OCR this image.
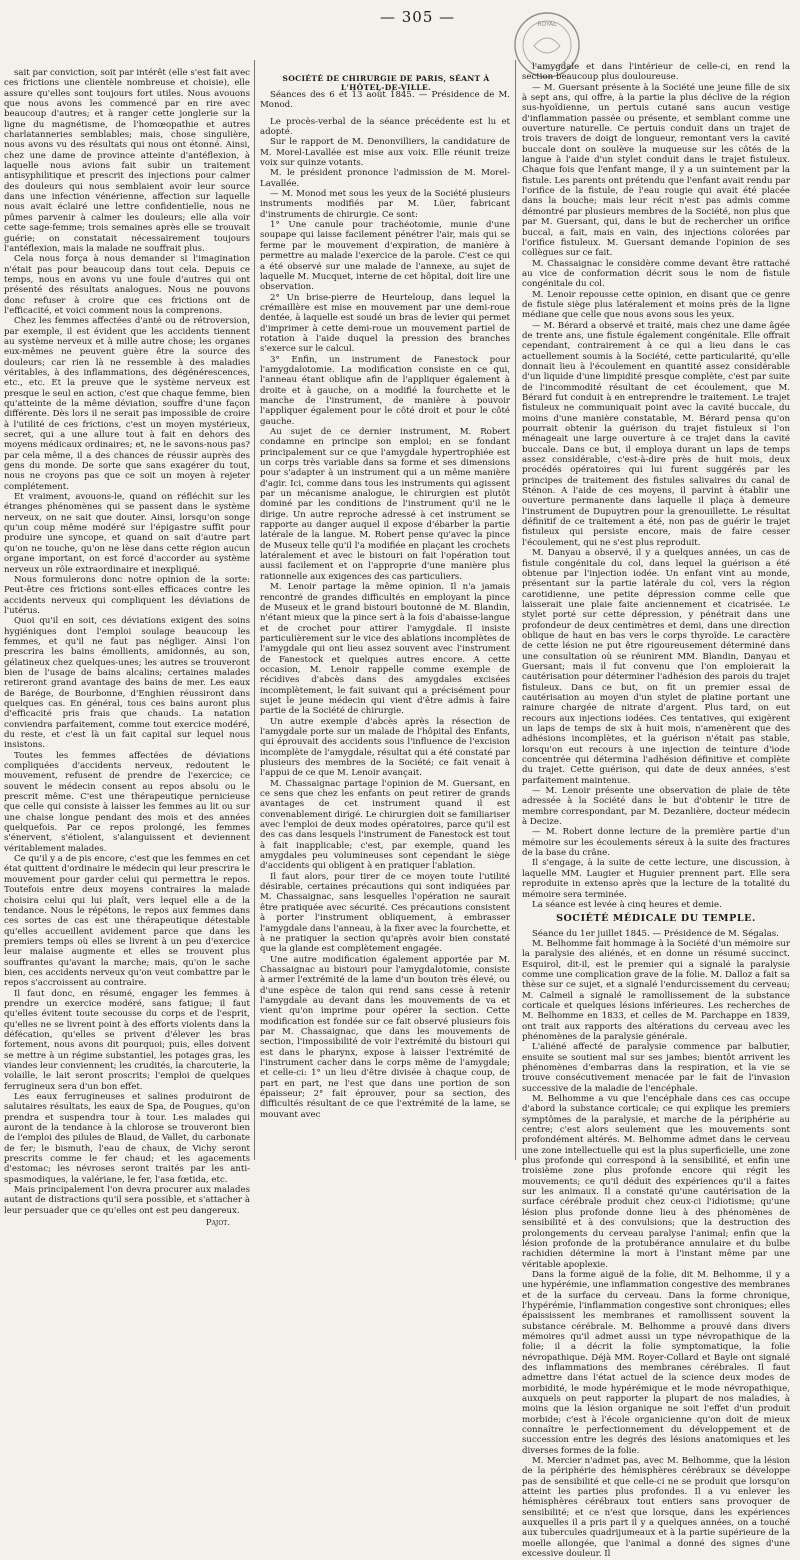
— 305 —	ROYAL

sait par conviction, soit par intérêt (elle s'est fait avec ces frictions une clientèle nombreuse et choisie), elle assure qu'elles sont toujours fort utiles. Nous avouons que nous avons les commencé par en rire avec beaucoup d'autres; et à ranger cette jonglerie sur la ligne du magnétisme, de l'homœopathie et autres charlatanneries semblables; mais, chose singulière, nous avons vu des résultats qui nous ont étonné. Ainsi, chez une dame de province atteinte d'antéflexion, à laquelle nous avions fait subir un traitement antisyphilitique et prescrit des injections pour calmer des douleurs qui nous semblaient avoir leur source dans une infection vénérienne, affection sur laquelle nous avait éclairé une lettre confidentielle, nous ne pûmes parvenir à calmer les douleurs; elle alla voir cette sage-femme; trois semaines après elle se trouvait guérie; on constatait nécessairement toujours l'antéflexion, mais la malade ne souffrait plus.

Cela nous força à nous demander si l'imagination n'était pas pour beaucoup dans tout cela. Depuis ce temps, nous en avons vu une foule d'autres qui ont présenté des résultats analogues. Nous ne pouvons donc refuser à croire que ces frictions ont de l'efficacité, et voici comment nous la comprenons.

Chez les femmes affectées d'anté ou de rétroversion, par exemple, il est évident que les accidents tiennent au système nerveux et à mille autre chose; les organes eux-mêmes ne peuvent guère être la source des douleurs; car rien là ne ressemble à des maladies véritables, à des inflammations, des dégénérescences, etc., etc. Et la preuve que le système nerveux est presque le seul en action, c'est que chaque femme, bien qu'atteinte de la même déviation, souffre d'une façon différente. Dès lors il ne serait pas impossible de croire à l'utilité de ces frictions, c'est un moyen mystérieux, secret, qui a une allure tout à fait en dehors des moyens médicaux ordinaires; et, ne le savons-nous pas? par cela même, il a des chances de réussir auprès des gens du monde. De sorte que sans exagérer du tout, nous ne croyons pas que ce soit un moyen à rejeter complétement.

Et vraiment, avouons-le, quand on réfléchit sur les étranges phénomènes qui se passent dans le système nerveux, on ne sait que douter. Ainsi, lorsqu'on songe qu'un coup même modéré sur l'épigastre suffit pour produire une syncope, et quand on sait d'autre part qu'on ne touche, qu'on ne lèse dans cette région aucun organe important, on est forcé d'accorder au système nerveux un rôle extraordinaire et inexpliqué.

Nous formulerons donc notre opinion de la sorte: Peut-être ces frictions sont-elles efficaces contre les accidents nerveux qui compliquent les déviations de l'utérus.

Quoi qu'il en soit, ces déviations exigent des soins hygiéniques dont l'emploi soulage beaucoup les femmes, et qu'il ne faut pas négliger. Ainsi l'on prescrira les bains émollients, amidonnés, au son, gélatineux chez quelques-unes; les autres se trouveront bien de l'usage de bains alcalins; certaines malades retireront grand avantage des bains de mer. Les eaux de Barége, de Bourbonne, d'Enghien réussiront dans quelques cas. En général, tous ces bains auront plus d'efficacité pris frais que chauds. La natation conviendra parfaitement, comme tout exercice modéré, du reste, et c'est là un fait capital sur lequel nous insistons.

Toutes les femmes affectées de déviations compliquées d'accidents nerveux, redoutent le mouvement, refusent de prendre de l'exercice; ce souvent le médecin consent au repos absolu ou le prescrit même. C'est une thérapeutique pernicieuse que celle qui consiste à laisser les femmes au lit ou sur une chaise longue pendant des mois et des années quelquefois. Par ce repos prolongé, les femmes s'énervent, s'étiolent, s'alanguissent et deviennent véritablement malades.

Ce qu'il y a de pis encore, c'est que les femmes en cet état quittent d'ordinaire le médecin qui leur prescrira le mouvement pour garder celui qui permettra le repos. Toutefois entre deux moyens contraires la malade choisira celui qui lui plaît, vers lequel elle a de la tendance. Nous le répétons, le repos aux femmes dans ces sortes de cas est une thérapeutique détestable qu'elles accueillent avidement parce que dans les premiers temps où elles se livrent à un peu d'exercice leur malaise augmente et elles se trouvent plus souffrantes qu'avant la marche; mais, qu'on le sache bien, ces accidents nerveux qu'on veut combattre par le repos s'accroissent au contraire.

Il faut donc, en résumé, engager les femmes à prendre un exercice modéré, sans fatigue; il faut qu'elles évitent toute secousse du corps et de l'esprit, qu'elles ne se livrent point à des efforts violents dans la défécation, qu'elles se privent d'élever les bras fortement, nous avons dit pourquoi; puis, elles doivent se mettre à un régime substantiel, les potages gras, les viandes leur conviennent; les crudités, la charcuterie, la volaille, le lait seront proscrits; l'emploi de quelques ferrugineux sera d'un bon effet.

Les eaux ferrugineuses et salines produiront de salutaires résultats, les eaux de Spa, de Pougues, qu'on prendra et suspendra tour à tour. Les malades qui auront de la tendance à la chlorose se trouveront bien de l'emploi des pilules de Blaud, de Vallet, du carbonate de fer; le bismuth, l'eau de chaux, de Vichy seront prescrits comme le fer chaud; et les agacements d'estomac; les névroses seront traités par les anti-spasmodiques, la valériane, le fer, l'asa fœtida, etc.

Mais principalement l'on devra procurer aux malades autant de distractions qu'il sera possible, et s'attacher à leur persuader que ce qu'elles ont est peu dangereux.

Pajot.

SOCIÉTÉ DE CHIRURGIE DE PARIS, SÉANT À L'HÔTEL-DE-VILLE.

Séances des 6 et 13 août 1845. — Présidence de M. Monod.

Le procès-verbal de la séance précédente est lu et adopté.

Sur le rapport de M. Denonvilliers, la candidature de M. Morel-Lavallée est mise aux voix. Elle réunit treize voix sur quinze votants.

M. le président prononce l'admission de M. Morel-Lavallée.

— M. Monod met sous les yeux de la Société plusieurs instruments modifiés par M. Lüer, fabricant d'instruments de chirurgie. Ce sont:

1° Une canule pour trachéotomie, munie d'une soupape qui laisse facilement pénétrer l'air, mais qui se ferme par le mouvement d'expiration, de manière à permettre au malade l'exercice de la parole. C'est ce qui a été observé sur une malade de l'annexe, au sujet de laquelle M. Mucquet, interne de cet hôpital, doit lire une observation.

2° Un brise-pierre de Heurteloup, dans lequel la crémaillère est mise en mouvement par une demi-roue dentée, à laquelle est soudé un bras de levier qui permet d'imprimer à cette demi-roue un mouvement partiel de rotation à l'aide duquel la pression des branches s'exerce sur le calcul.

3° Enfin, un instrument de Fanestock pour l'amygdalotomie. La modification consiste en ce qui, l'anneau étant oblique afin de l'appliquer également à droite et à gauche, on a modifié la fourchette et le manche de l'instrument, de manière à pouvoir l'appliquer également pour le côté droit et pour le côté gauche.

Au sujet de ce dernier instrument, M. Robert condamne en principe son emploi; en se fondant principalement sur ce que l'amygdale hypertrophiée est un corps très variable dans sa forme et ses dimensions pour s'adapter à un instrument qui a un même manière d'agir. Ici, comme dans tous les instruments qui agissent par un mécanisme analogue, le chirurgien est plutôt dominé par les conditions de l'instrument qu'il ne le dirige. Un autre reproche adressé à cet instrument se rapporte au danger auquel il expose d'ébarber la partie latérale de la langue. M. Robert pense qu'avec la pince de Museux telle qu'il l'a modifiée en plaçant les crochets latéralement et avec le bistouri on fait l'opération tout aussi facilement et on l'approprie d'une manière plus rationnelle aux exigences des cas particuliers.

M. Lenoir partage la même opinion. Il n'a jamais rencontré de grandes difficultés en employant la pince de Museux et le grand bistouri boutonné de M. Blandin, n'étant mieux que la pince sert à la fois d'abaisse-langue et de crochet pour attirer l'amygdale. Il insiste particulièrement sur le vice des ablations incomplètes de l'amygdale qui ont lieu assez souvent avec l'instrument de Fanestock et quelques autres encore. A cette occasion, M. Lenoir rappelle comme exemple de récidives d'abcès dans des amygdales excisées incomplètement, le fait suivant qui a précisément pour sujet le jeune médecin qui vient d'être admis à faire partie de la Société de chirurgie.

Un autre exemple d'abcès après la résection de l'amygdale porte sur un malade de l'hôpital des Enfants, qui éprouvait des accidents sous l'influence de l'excision incomplète de l'amygdale, résultat qui a été constaté par plusieurs des membres de la Société; ce fait venait à l'appui de ce que M. Lenoir avançait.

M. Chassaignac partage l'opinion de M. Guersant, en ce sens que chez les enfants on peut retirer de grands avantages de cet instrument quand il est convenablement dirigé. Le chirurgien doit se familiariser avec l'emploi de deux modes opératoires, parce qu'il est des cas dans lesquels l'instrument de Fanestock est tout à fait inapplicable; c'est, par exemple, quand les amygdales peu volumineuses sont cependant le siège d'accidents qui obligent à en pratiquer l'ablation.

Il faut alors, pour tirer de ce moyen toute l'utilité désirable, certaines précautions qui sont indiquées par M. Chassaignac, sans lesquelles l'opération ne saurait être pratiquée avec sécurité. Ces précautions consistent à porter l'instrument obliquement, à embrasser l'amygdale dans l'anneau, à la fixer avec la fourchette, et à ne pratiquer la section qu'après avoir bien constaté que la glande est complètement engagée.

Une autre modification également apportée par M. Chassaignac au bistouri pour l'amygdalotomie, consiste à armer l'extrémité de la lame d'un bouton très élevé, ou d'une espèce de talon qui rend sans cesse à retenir l'amygdale au devant dans les mouvements de va et vient qu'on imprime pour opérer la section. Cette modification est fondée sur ce fait observé plusieurs fois par M. Chassaignac, que dans les mouvements de section, l'impossibilité de voir l'extrémité du bistouri qui est dans le pharynx, expose à laisser l'extrémité de l'instrument cacher dans le corps même de l'amygdale; et celle-ci: 1° un lieu d'être divisée à chaque coup, de part en part, ne l'est que dans une portion de son épaisseur; 2° fait éprouver, pour sa section, des difficultés résultant de ce que l'extrémité de la lame, se mouvant avec

l'amygdale et dans l'intérieur de celle-ci, en rend la section beaucoup plus douloureuse.

— M. Guersant présente à la Société une jeune fille de six à sept ans, qui offre, à la partie la plus déclive de la région sus-hyoïdienne, un pertuis cutané sans aucun vestige d'inflammation passée ou présente, et semblant comme une ouverture naturelle. Ce pertuis conduit dans un trajet de trois travers de doigt de longueur, remontant vers la cavité buccale dont on soulève la muqueuse sur les côtés de la langue à l'aide d'un stylet conduit dans le trajet fistuleux. Chaque fois que l'enfant mange, il y a un suintement par la fistule. Les parents ont prétendu que l'enfant avait rendu par l'orifice de la fistule, de l'eau rougie qui avait été placée dans la bouche; mais leur récit n'est pas admis comme démontré par plusieurs membres de la Société, non plus que par M. Guersant, qui, dans le but de rechercher un orifice buccal, a fait, mais en vain, des injections colorées par l'orifice fistuleux. M. Guersant demande l'opinion de ses collègues sur ce fait.

M. Chassaignac le considère comme devant être rattaché au vice de conformation décrit sous le nom de fistule congénitale du col.

M. Lenoir repousse cette opinion, en disant que ce genre de fistule siège plus latéralement et moins près de la ligne médiane que celle que nous avons sous les yeux.

— M. Bérard a observé et traité, mais chez une dame âgée de trente ans, une fistule également congénitale. Elle offrait cependant, contrairement à ce qui a lieu dans le cas actuellement soumis à la Société, cette particularité, qu'elle donnait lieu à l'écoulement en quantité assez considérable d'un liquide d'une limpidité presque complète, c'est par suite de l'incommodité résultant de cet écoulement, que M. Bérard fut conduit à en entreprendre le traitement. Le trajet fistuleux ne communiquait point avec la cavité buccale, du moins d'une manière constatable, M. Bérard pensa qu'on pourrait obtenir la guérison du trajet fistuleux si l'on ménageait une large ouverture à ce trajet dans la cavité buccale. Dans ce but, il employa durant un laps de temps assez considérable, c'est-à-dire près de huit mois, deux procédés opératoires qui lui furent suggérés par les principes de traitement des fistules salivaires du canal de Sténon. A l'aide de ces moyens, il parvint à établir une ouverture permanente dans laquelle il plaça à demeure l'instrument de Dupuytren pour la grenouillette. Le résultat définitif de ce traitement a été, non pas de guérir le trajet fistuleux qui persiste encore, mais de faire cesser l'écoulement, qui ne s'est plus reproduit.

M. Danyau a observé, il y a quelques années, un cas de fistule congénitale du col, dans lequel la guérison a été obtenue par l'injection iodée. Un enfant vint au monde, présentant sur la partie latérale du col, vers la région carotidienne, une petite dépression comme celle que laisserait une plaie faite anciennement et cicatrisée. Le stylet porté sur cette dépression, y pénétrait dans une profondeur de deux centimètres et demi, dans une direction oblique de haut en bas vers le corps thyroïde. Le caractère de cette lésion ne put être rigoureusement déterminé dans une consultation où se réunirent MM. Blandin, Danyau et Guersant; mais il fut convenu que l'on emploierait la cautérisation pour déterminer l'adhésion des parois du trajet fistuleux. Dans ce but, on fit un premier essai de cautérisation au moyen d'un stylet de platine portant une rainure chargée de nitrate d'argent. Plus tard, on eut recours aux injections iodées. Ces tentatives, qui exigèrent un laps de temps de six à huit mois, n'amenèrent que des adhésions incomplètes, et la guérison n'était pas stable, lorsqu'on eut recours à une injection de teinture d'iode concentrée qui détermina l'adhésion définitive et complète du trajet. Cette guérison, qui date de deux années, s'est parfaitement maintenue.

— M. Lenoir présente une observation de plaie de tête adressée à la Société dans le but d'obtenir le titre de membre correspondant, par M. Dezanlière, docteur médecin à Decize.

— M. Robert donne lecture de la première partie d'un mémoire sur les écoulements séreux à la suite des fractures de la base du crâne.

Il s'engage, à la suite de cette lecture, une discussion, à laquelle MM. Laugier et Huguier prennent part. Elle sera reproduite in extenso après que la lecture de la totalité du mémoire sera terminée.

La séance est levée à cinq heures et demie.

SOCIÉTÉ MÉDICALE DU TEMPLE.

Séance du 1er juillet 1845. — Présidence de M. Ségalas.

M. Belhomme fait hommage à la Société d'un mémoire sur la paralysie des aliénés, et en donne un résumé succinct. Esquirol, dit-il, est le premier qui a signalé la paralysie comme une complication grave de la folie. M. Dalloz a fait sa thèse sur ce sujet, et a signalé l'endurcissement du cerveau; M. Calmeil a signalé le ramollissement de la substance corticale et quelques lésions inférieures. Les recherches de M. Belhomme en 1833, et celles de M. Parchappe en 1839, ont trait aux rapports des altérations du cerveau avec les phénomènes de la paralysie générale.

L'aliéné affecté de paralysie commence par balbutier, ensuite se soutient mal sur ses jambes; bientôt arrivent les phénomènes d'embarras dans la respiration, et la vie se trouve consécutivement menacée par le fait de l'invasion successive de la maladie de l'encéphale.

M. Belhomme a vu que l'encéphale dans ces cas occupe d'abord la substance corticale; ce qui explique les premiers symptômes de la paralysie, et marche de la périphérie au centre; c'est alors seulement que les mouvements sont profondément altérés. M. Belhomme admet dans le cerveau une zone intellectuelle qui est la plus superficielle, une zone plus profonde qui correspond à la sensibilité, et enfin une troisième zone plus profonde encore qui régit les mouvements; ce qu'il déduit des expériences qu'il a faites sur les animaux. Il a constaté qu'une cautérisation de la surface cérébrale produit chez ceux-ci l'idiotisme; qu'une lésion plus profonde donne lieu à des phénomènes de sensibilité et à des convulsions; que la destruction des prolongements du cerveau paralyse l'animal; enfin que la lésion profonde de la protubérance annulaire et du bulbe rachidien détermine la mort à l'instant même par une véritable apoplexie.

Dans la forme aiguë de la folie, dit M. Belhomme, il y a une hypérémie, une inflammation congestive des membranes et de la surface du cerveau. Dans la forme chronique, l'hypérémie, l'inflammation congestive sont chroniques; elles épaississent les membranes et ramollissent souvent la substance cérébrale. M. Belhomme a prouvé dans divers mémoires qu'il admet aussi un type névropathique de la folie; il a décrit la folie symptomatique, la folie névropathique. Déjà MM. Royer-Collard et Bayle ont signalé des inflammations des membranes cérébrales. Il faut admettre dans l'état actuel de la science deux modes de morbidité, le mode hypérémique et le mode névropathique, auxquels on peut rapporter la plupart de nos maladies, à moins que la lésion organique ne soit l'effet d'un produit morbide; c'est à l'école organicienne qu'on doit de mieux connaître le perfectionnement du développement et de succession entre les degrés des lésions anatomiques et les diverses formes de la folie.

M. Mercier n'admet pas, avec M. Belhomme, que la lésion de la périphérie des hémisphères cérébraux se développe pas de sensibilité et que celle-ci ne se produit que lorsqu'on atteint les parties plus profondes. Il a vu enlever les hémisphères cérébraux tout entiers sans provoquer de sensibilité; et ce n'est que lorsque, dans les expériences auxquelles il a pris part il y a quelques années, on a touché aux tubercules quadrijumeaux et à la partie supérieure de la moelle allongée, que l'animal a donné des signes d'une excessive douleur. Il
